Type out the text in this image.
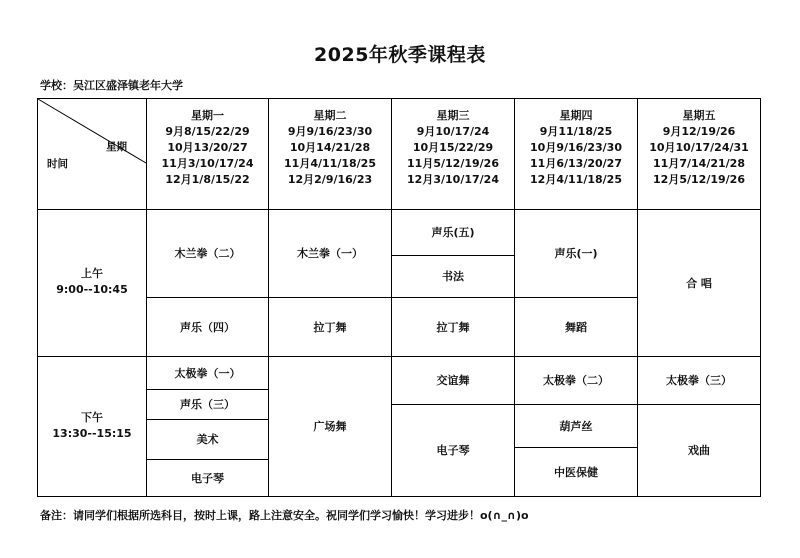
2025年秋季课程表
学校：吴江区盛泽镇老年大学
星期
时间
星期一
9月8/15/22/29
10月13/20/27
11月3/10/17/24
12月1/8/15/22
星期二
9月9/16/23/30
10月14/21/28
11月4/11/18/25
12月2/9/16/23
星期三
9月10/17/24
10月15/22/29
11月5/12/19/26
12月3/10/17/24
星期四
9月11/18/25
10月9/16/23/30
11月6/13/20/27
12月4/11/18/25
星期五
9月12/19/26
10月10/17/24/31
11月7/14/21/28
12月5/12/19/26
上午
9:00--10:45
下午
13:30--15:15
木兰拳（二）
声乐（四）
木兰拳（一）
拉丁舞
声乐(五)
书法
拉丁舞
声乐(一)
舞蹈
合 唱
太极拳（一）
声乐（三）
美术
电子琴
广场舞
交谊舞
电子琴
太极拳（二）
葫芦丝
中医保健
太极拳（三）
戏曲
备注：请同学们根据所选科目，按时上课，路上注意安全。祝同学们学习愉快！学习进步！o(∩_∩)o
